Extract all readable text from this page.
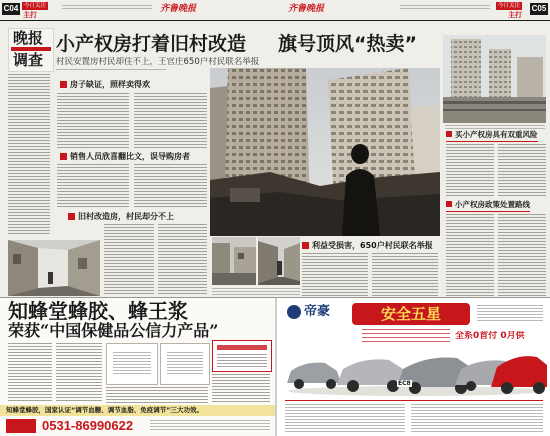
C04	今日关注
主打
齐鲁晚报	齐鲁晚报	今日关注
主打
C05
晚报
调查
小产权房打着旧村改造 旗号顶风“热卖”
村民安置房村民却住不上，王官庄650户村民联名举报
房子缺证，照样卖得欢
销售人员欣喜翻比文，误导购房者
旧村改造房，村民却分不上
利益受损害，650户村民联名举报
买小产权房具有双重风险
小产权房政策处置路线
知蜂堂蜂胶、蜂王浆
荣获“中国保健品公信力产品”
知蜂堂蜂胶，国家认证“调节血糖、调节血脂、免疫调节”三大功效。
0531-86990622
帝豪	安全五星
全系0首付 0月供
EC8
